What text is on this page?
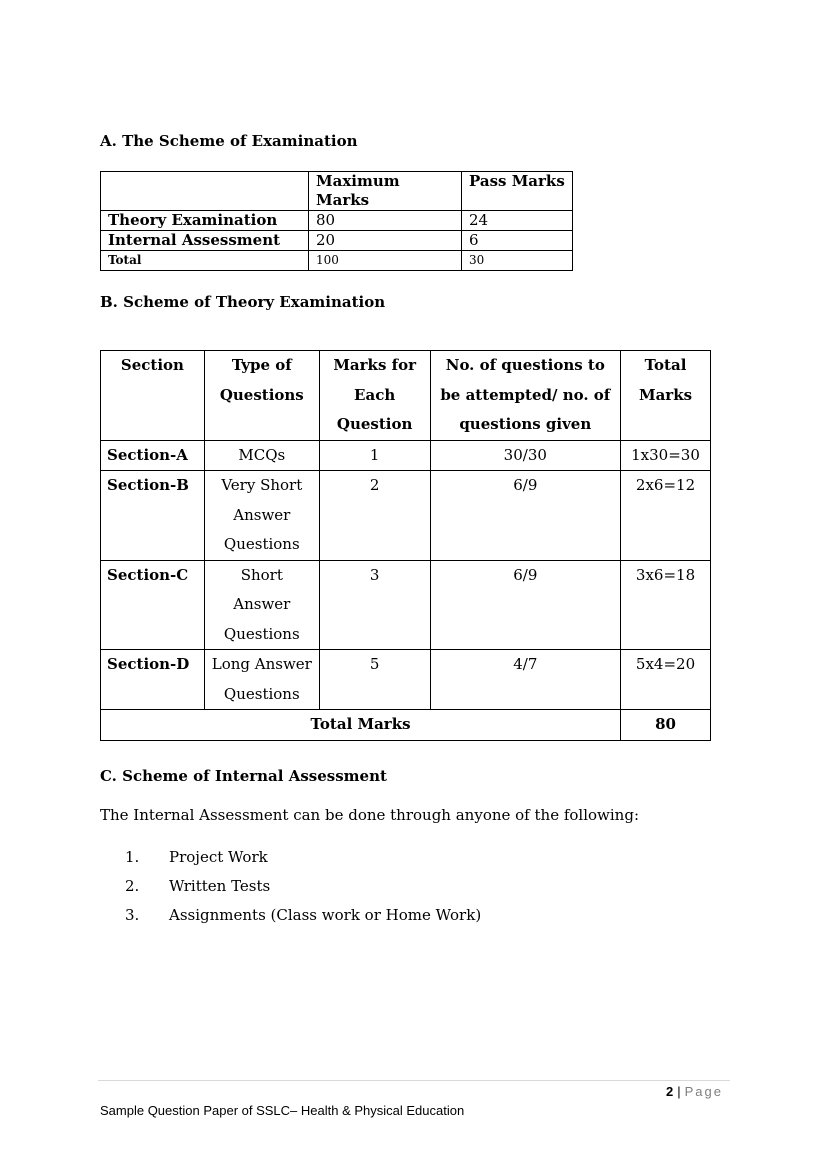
A. The Scheme of Examination
	Maximum Marks	Pass Marks
Theory Examination	80	24
Internal Assessment	20	6
Total	100	30
B. Scheme of Theory Examination
Section	Type of Questions	Marks for Each Question	No. of questions to be attempted/ no. of questions given	Total Marks
Section-A	MCQs	1	30/30	1x30=30
Section-B	Very Short Answer Questions	2	6/9	2x6=12
Section-C	Short Answer Questions	3	6/9	3x6=18
Section-D	Long Answer Questions	5	4/7	5x4=20
Total Marks				80
C. Scheme of Internal Assessment
The Internal Assessment can be done through anyone of the following:
1.	Project Work
2.	Written Tests
3.	Assignments (Class work or Home Work)
2 | Page
Sample Question Paper of SSLC– Health & Physical Education
